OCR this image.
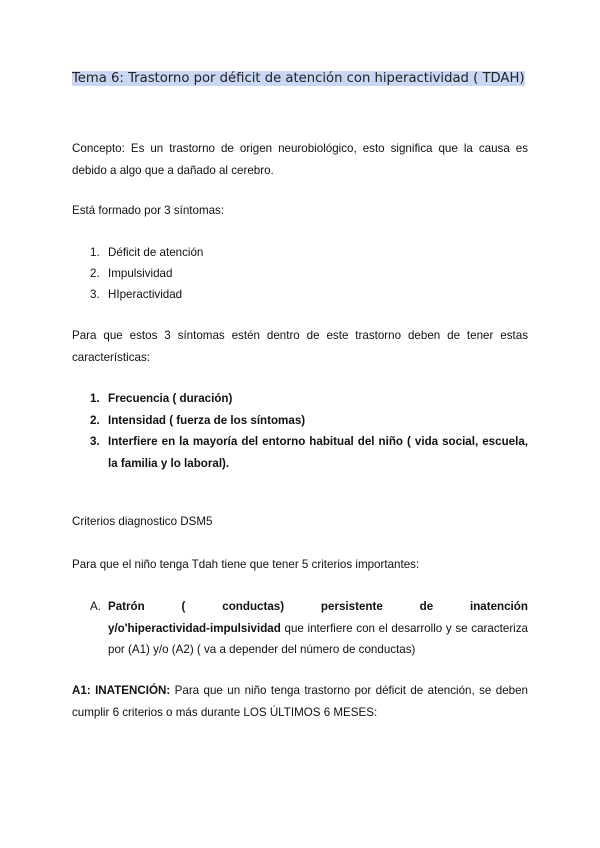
Tema 6: Trastorno por déficit de atención con hiperactividad ( TDAH)
Concepto: Es un trastorno de origen neurobiológico, esto significa que la causa es debido a algo que a dañado al cerebro.
Está formado por 3 síntomas:
1. Déficit de atención
2. Impulsividad
3. HIperactividad
Para que estos 3 síntomas estén dentro de este trastorno deben de tener estas características:
1. Frecuencia ( duración)
2. Intensidad ( fuerza de los síntomas)
3. Interfiere en la mayoría del entorno habitual del niño ( vida social, escuela, la familia y lo laboral).
Criterios diagnostico DSM5
Para que el niño tenga Tdah tiene que tener 5 criterios importantes:
A. Patrón	(	conductas)	persistente	de	inatención
y/o'hiperactividad-impulsividad que interfiere con el desarrollo y se caracteriza por (A1) y/o (A2) ( va a depender del número de conductas)
A1: INATENCIÓN: Para que un niño tenga trastorno por déficit de atención, se deben cumplir 6 criterios o más durante LOS ÚLTIMOS 6 MESES:
